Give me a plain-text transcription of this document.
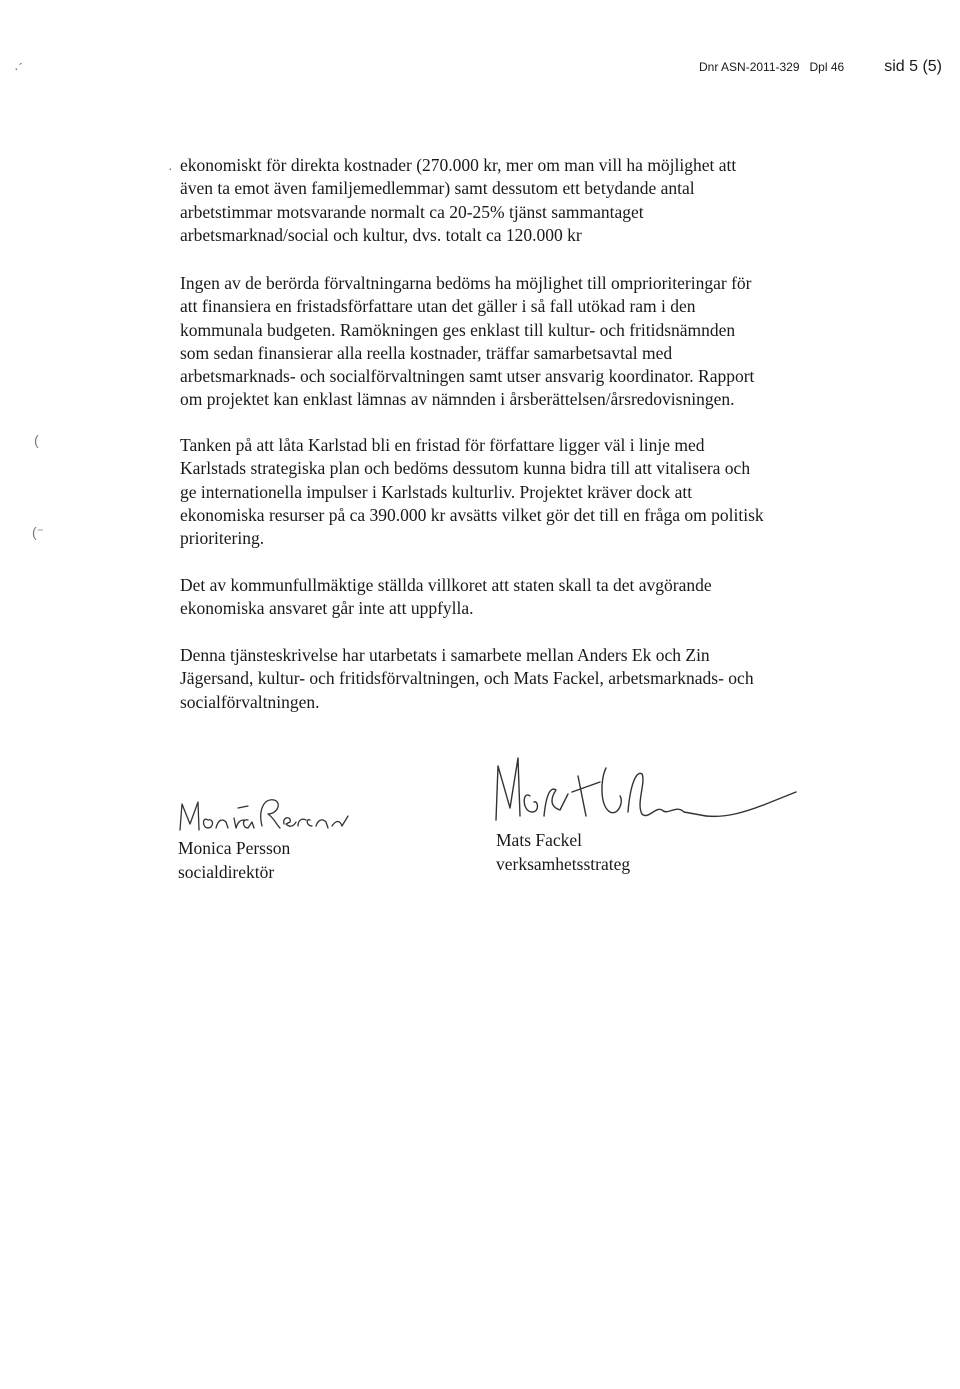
Dnr ASN-2011-329 Dpl 46	sid 5 (5)
·´
·
(
(⁻

ekonomiskt för direkta kostnader (270.000 kr, mer om man vill ha möjlighet att
även ta emot även familjemedlemmar) samt dessutom ett betydande antal
arbetstimmar motsvarande normalt ca 20-25% tjänst sammantaget
arbetsmarknad/social och kultur, dvs. totalt ca 120.000 kr

Ingen av de berörda förvaltningarna bedöms ha möjlighet till omprioriteringar för
att finansiera en fristadsförfattare utan det gäller i så fall utökad ram i den
kommunala budgeten. Ramökningen ges enklast till kultur- och fritidsnämnden
som sedan finansierar alla reella kostnader, träffar samarbetsavtal med
arbetsmarknads- och socialförvaltningen samt utser ansvarig koordinator. Rapport
om projektet kan enklast lämnas av nämnden i årsberättelsen/årsredovisningen.

Tanken på att låta Karlstad bli en fristad för författare ligger väl i linje med
Karlstads strategiska plan och bedöms dessutom kunna bidra till att vitalisera och
ge internationella impulser i Karlstads kulturliv. Projektet kräver dock att
ekonomiska resurser på ca 390.000 kr avsätts vilket gör det till en fråga om politisk
prioritering.

Det av kommunfullmäktige ställda villkoret att staten skall ta det avgörande
ekonomiska ansvaret går inte att uppfylla.

Denna tjänsteskrivelse har utarbetats i samarbete mellan Anders Ek och Zin
Jägersand, kultur- och fritidsförvaltningen, och Mats Fackel, arbetsmarknads- och
socialförvaltningen.

Monica Persson
socialdirektör
Mats Fackel
verksamhetsstrateg
